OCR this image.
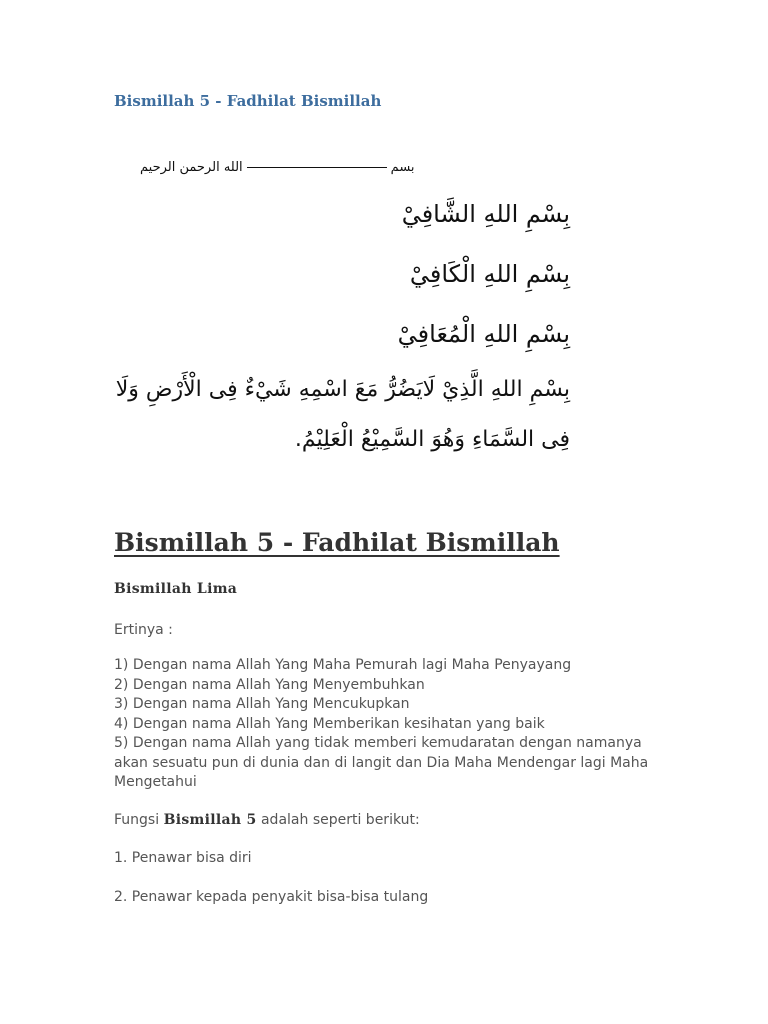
Bismillah 5 - Fadhilat Bismillah
بسم
الله الرحمن الرحيم
بِسْمِ اللهِ الشَّافِيْ
بِسْمِ اللهِ الْكَافِيْ
بِسْمِ اللهِ الْمُعَافِيْ
بِسْمِ اللهِ الَّذِيْ لَايَضُرُّ مَعَ اسْمِهِ شَيْءٌ فِى الْأَرْضِ وَلَا
فِى السَّمَاءِ وَهُوَ السَّمِيْعُ الْعَلِيْمُ.
Bismillah 5 - Fadhilat Bismillah
Bismillah Lima
Ertinya :
1) Dengan nama Allah Yang Maha Pemurah lagi Maha Penyayang
2) Dengan nama Allah Yang Menyembuhkan
3) Dengan nama Allah Yang Mencukupkan
4) Dengan nama Allah Yang Memberikan kesihatan yang baik
5) Dengan nama Allah yang tidak memberi kemudaratan dengan namanya akan sesuatu pun di dunia dan di langit dan Dia Maha Mendengar lagi Maha Mengetahui
Fungsi Bismillah 5 adalah seperti berikut:
1. Penawar bisa diri
2. Penawar kepada penyakit bisa-bisa tulang
